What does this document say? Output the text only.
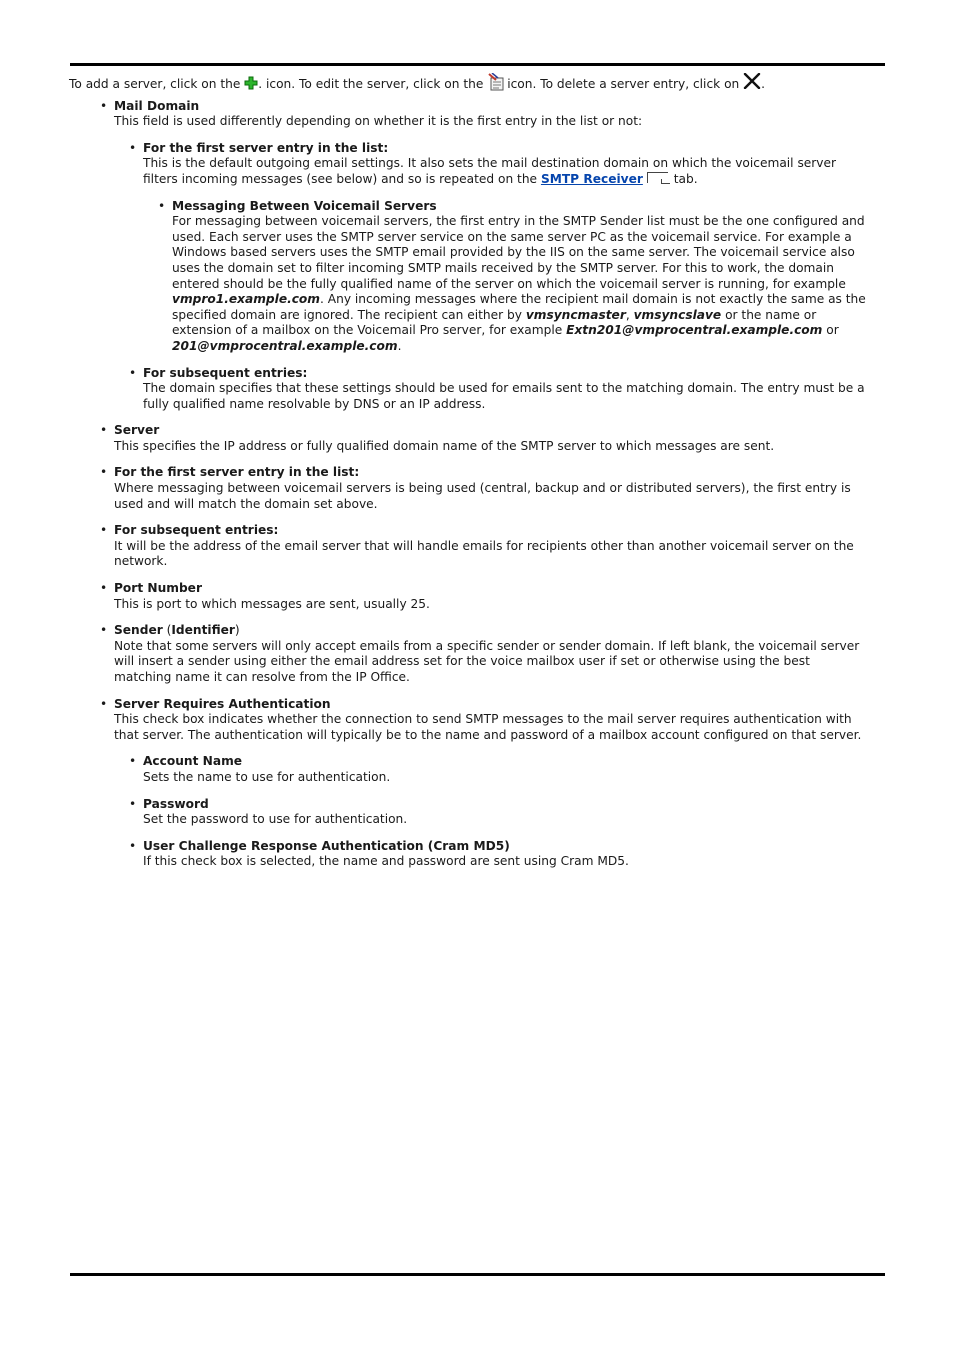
To add a server, click on the . icon. To edit the server, click on the icon. To delete a server entry, click on .

• Mail Domain
This field is used differently depending on whether it is the first entry in the list or not:
• For the first server entry in the list:
This is the default outgoing email settings. It also sets the mail destination domain on which the voicemail server filters incoming messages (see below) and so is repeated on the SMTP Receiver tab.
• Messaging Between Voicemail Servers
For messaging between voicemail servers, the first entry in the SMTP Sender list must be the one configured and used. Each server uses the SMTP server service on the same server PC as the voicemail service. For example a Windows based servers uses the SMTP email provided by the IIS on the same server. The voicemail service also uses the domain set to filter incoming SMTP mails received by the SMTP server. For this to work, the domain entered should be the fully qualified name of the server on which the voicemail server is running, for example vmpro1.example.com. Any incoming messages where the recipient mail domain is not exactly the same as the specified domain are ignored. The recipient can either by vmsyncmaster, vmsyncslave or the name or extension of a mailbox on the Voicemail Pro server, for example Extn201@vmprocentral.example.com or 201@vmprocentral.example.com.
• For subsequent entries:
The domain specifies that these settings should be used for emails sent to the matching domain. The entry must be a fully qualified name resolvable by DNS or an IP address.
• Server
This specifies the IP address or fully qualified domain name of the SMTP server to which messages are sent.
• For the first server entry in the list:
Where messaging between voicemail servers is being used (central, backup and or distributed servers), the first entry is used and will match the domain set above.
• For subsequent entries:
It will be the address of the email server that will handle emails for recipients other than another voicemail server on the network.
• Port Number
This is port to which messages are sent, usually 25.
• Sender (Identifier)
Note that some servers will only accept emails from a specific sender or sender domain. If left blank, the voicemail server will insert a sender using either the email address set for the voice mailbox user if set or otherwise using the best matching name it can resolve from the IP Office.
• Server Requires Authentication
This check box indicates whether the connection to send SMTP messages to the mail server requires authentication with that server. The authentication will typically be to the name and password of a mailbox account configured on that server.
• Account Name
Sets the name to use for authentication.
• Password
Set the password to use for authentication.
• User Challenge Response Authentication (Cram MD5)
If this check box is selected, the name and password are sent using Cram MD5.
